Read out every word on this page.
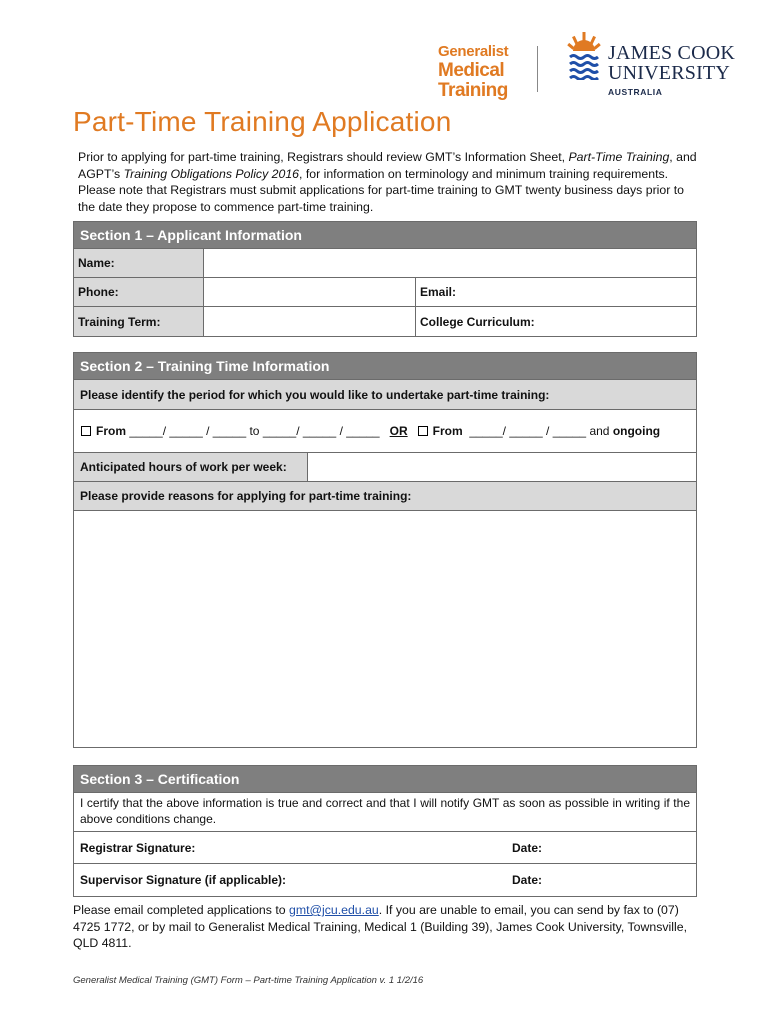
Generalist
Medical
Training
JAMES COOK
UNIVERSITY
AUSTRALIA
Part-Time Training Application
Prior to applying for part-time training, Registrars should review GMT’s Information Sheet, Part-Time Training, and AGPT’s Training Obligations Policy 2016, for information on terminology and minimum training requirements. Please note that Registrars must submit applications for part-time training to GMT twenty business days prior to the date they propose to commence part-time training.
Section 1 – Applicant Information
Name:
Phone:	Email:
Training Term:	College Curriculum:
Section 2 – Training Time Information
Please identify the period for which you would like to undertake part-time training:
From
_____/ _____ / _____
to
_____/ _____ / _____
OR
From
_____/ _____ / _____
and
ongoing
Anticipated hours of work per week:
Please provide reasons for applying for part-time training:
Section 3 – Certification
I certify that the above information is true and correct and that I will notify GMT as soon as possible in writing if the above conditions change.
Registrar Signature:	Date:
Supervisor Signature (if applicable):	Date:
Please email completed applications to gmt@jcu.edu.au. If you are unable to email, you can send by fax to (07) 4725 1772, or by mail to Generalist Medical Training, Medical 1 (Building 39), James Cook University, Townsville, QLD 4811.
Generalist Medical Training (GMT) Form – Part-time Training Application v. 1 1/2/16
